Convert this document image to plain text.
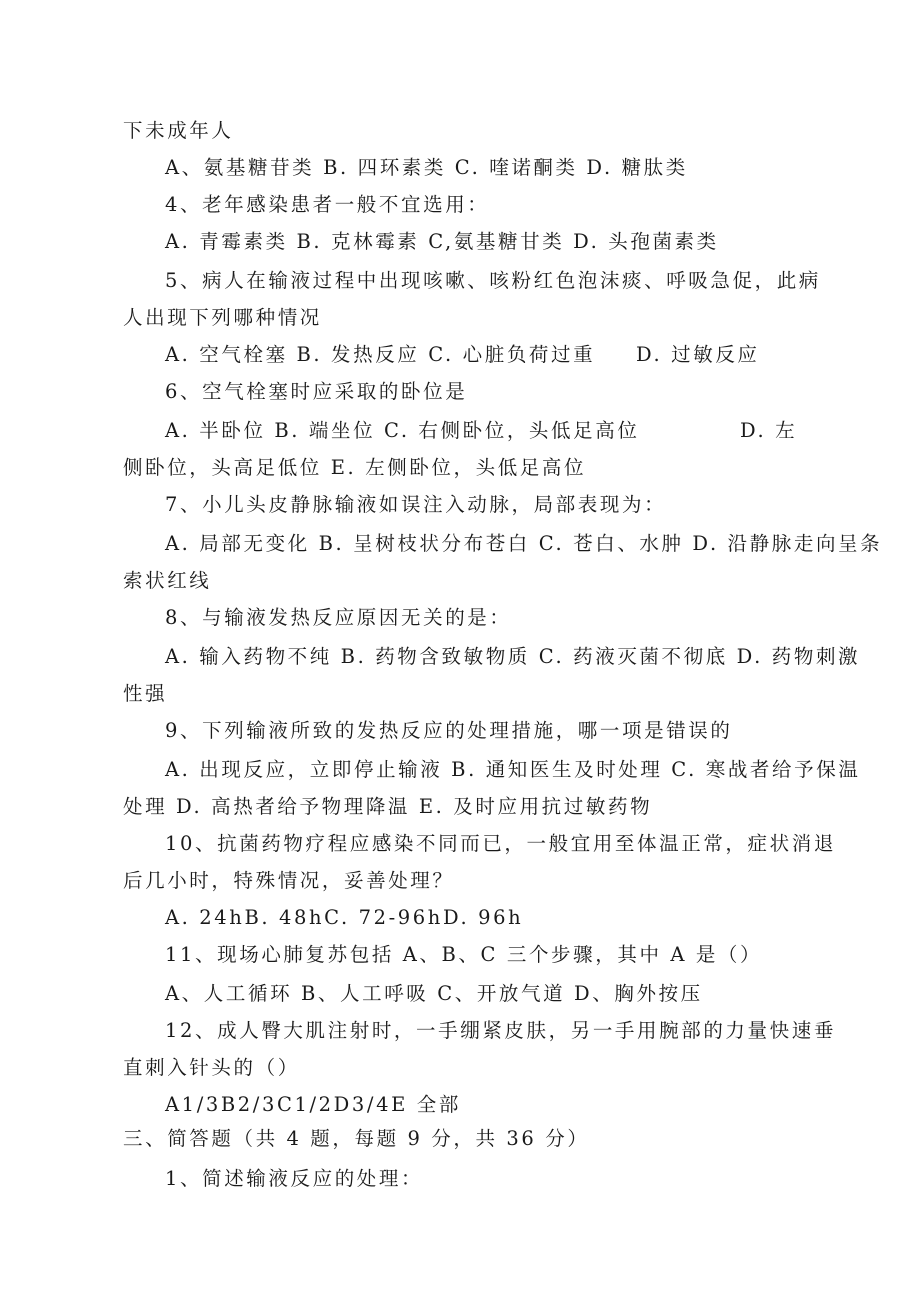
下未成年人
A、氨基糖苷类 B. 四环素类 C. 喹诺酮类 D. 糖肽类
4、老年感染患者一般不宜选用：
A. 青霉素类 B. 克林霉素 C,氨基糖甘类 D. 头孢菌素类
5、病人在输液过程中出现咳嗽、咳粉红色泡沫痰、呼吸急促，此病
人出现下列哪种情况
A. 空气栓塞 B. 发热反应 C. 心脏负荷过重 D. 过敏反应
6、空气栓塞时应采取的卧位是
A. 半卧位 B. 端坐位 C. 右侧卧位，头低足高位	D. 左
侧卧位，头高足低位 E. 左侧卧位，头低足高位
7、小儿头皮静脉输液如误注入动脉，局部表现为：
A. 局部无变化 B. 呈树枝状分布苍白 C. 苍白、水肿 D. 沿静脉走向呈条
索状红线
8、与输液发热反应原因无关的是：
A. 输入药物不纯 B. 药物含致敏物质 C. 药液灭菌不彻底 D. 药物刺激
性强
9、下列输液所致的发热反应的处理措施，哪一项是错误的
A. 出现反应，立即停止输液 B. 通知医生及时处理 C. 寒战者给予保温
处理 D. 高热者给予物理降温 E. 及时应用抗过敏药物
10、抗菌药物疗程应感染不同而已，一般宜用至体温正常，症状消退
后几小时，特殊情况，妥善处理？
A. 24hB. 48hC. 72-96hD. 96h
11、现场心肺复苏包括 A、B、C 三个步骤，其中 A 是（）
A、人工循环 B、人工呼吸 C、开放气道 D、胸外按压
12、成人臀大肌注射时，一手绷紧皮肤，另一手用腕部的力量快速垂
直刺入针头的（）
A1/3B2/3C1/2D3/4E 全部
三、简答题（共 4 题，每题 9 分，共 36 分）
1、简述输液反应的处理：
